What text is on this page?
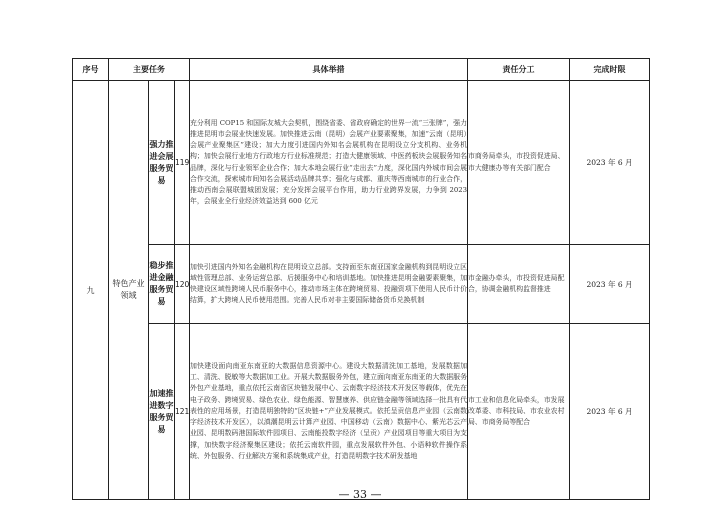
序号	主要任务			具体举措	责任分工	完成时限
九	特色产业领域	强力推进会展服务贸易	119	充分利用 COP15 和国际友城大会契机，围绕省委、省政府确定的世界一流“三张牌”，强力推进昆明市会展业快速发展。加快推进云南（昆明）会展产业要素聚集，加速“云南（昆明）会展产业聚集区”建设；加大力度引进国内外知名会展机构在昆明设立分支机构、业务机构；加快会展行业地方行政地方行业标准规范；打造大健康领域、中医药板块会展服务知名品牌，深化与行业领军企业合作；加大本地会展行业“走出去”力度，深化国内外城市间会展合作交流，探索城市间知名会展活动品牌共享；强化与成都、重庆等西南城市的行业合作，推动西南会展联盟城团发展；充分发挥会展平台作用，助力行业跨界发展，力争到 2023 年，会展业全行业经济效益达到 600 亿元	市商务局牵头，市投资促进局、市大健康办等有关部门配合	2023 年 6 月
		稳步推进金融服务贸易	120	加快引进国内外知名金融机构在昆明设立总部。支持面至东南亚国家金融机构到昆明设立区域性管理总部、业务运营总部、后援服务中心和培训基地。加快推进昆明金融要素聚集，加快建设区域性跨境人民币服务中心，推动市场主体在跨境贸易、投融资项下使用人民币计价结算，扩大跨境人民币使用范围。完善人民币对非主要国际储备货币兑换机制	市金融办牵头，市投资促进局配合，协调金融机构监督推进	2023 年 6 月
		加速推进数字服务贸易	121	加快建设面向南亚东南亚的大数据信息资源中心。建设大数据清洗加工基地，发展数据加工、清洗、脱敏等大数据加工业。开展大数据服务外包，建立面向南亚东南亚的大数据服务外包产业基地，重点依托云南省区块链发展中心、云南数字经济技术开发区等载体，优先在电子政务、跨境贸易、绿色农业、绿色能源、智慧康养、供应链金融等领域选择一批具有代表性的应用场景，打造昆明独特的“区块链+”产业发展模式。依托呈贡信息产业园（云南数字经济技术开发区），以滇潮昆明云计算产业园、中国移动（云南）数据中心、紫光芯云产业园、昆明数码港国际软件园项目、云南能投数字经济（呈贡）产业园项目等重大项目为支撑，加快数字经济聚集区建设；依托云南软件园，重点发展软件外包、小语种软件操作系统、外包服务、行业解决方案和系统集成产业，打造昆明数字技术研发基地	市工业和信息化局牵头，市发展改革委、市科技局、市农业农村局、市商务局等配合	2023 年 6 月
— 33 —
